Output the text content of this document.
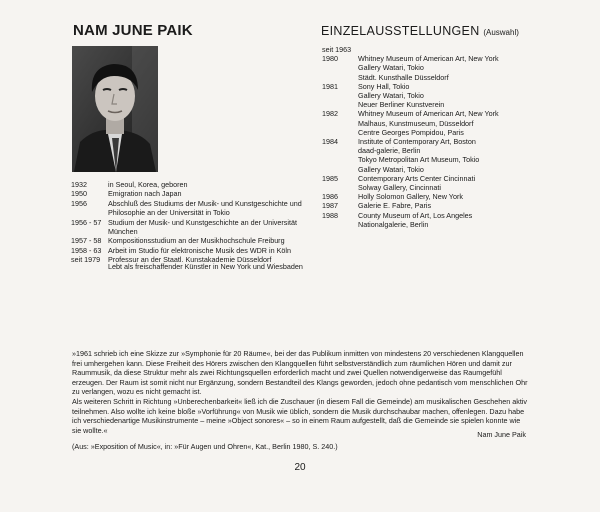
NAM JUNE PAIK	EINZELAUSSTELLUNGEN (Auswahl)
1932	in Seoul, Korea, geboren
1950	Emigration nach Japan
1956	Abschluß des Studiums der Musik- und Kunstgeschichte und Philosophie an der Universität in Tokio
1956 - 57 Studium der Musik- und Kunstgeschichte an der Universität München
1957 - 58 Kompositionsstudium an der Musikhochschule Freiburg
1958 - 63 Arbeit im Studio für elektronische Musik des WDR in Köln
seit 1979	Professur an der Staatl. Kunstakademie Düsseldorf
Lebt als freischaffender Künstler in New York und Wiesbaden
seit 1963
1980	Whitney Museum of American Art, New York
Gallery Watari, Tokio
Städt. Kunsthalle Düsseldorf
1981	Sony Hall, Tokio
Gallery Watari, Tokio
Neuer Berliner Kunstverein
1982	Whitney Museum of American Art, New York
Malhaus, Kunstmuseum, Düsseldorf
Centre Georges Pompidou, Paris
1984	Institute of Contemporary Art, Boston
daad-galerie, Berlin
Tokyo Metropolitan Art Museum, Tokio
Gallery Watari, Tokio
1985	Contemporary Arts Center Cincinnati
Solway Gallery, Cincinnati
1986	Holly Solomon Gallery, New York
1987	Galerie E. Fabre, Paris
1988	County Museum of Art, Los Angeles
Nationalgalerie, Berlin
»1961 schrieb ich eine Skizze zur »Symphonie für 20 Räume«, bei der das Publikum inmitten von mindestens 20 verschiedenen Klangquellen frei umhergehen kann. Diese Freiheit des Hörers zwischen den Klangquellen führt selbstverständlich zum räumlichen Hören und damit zur Raummusik, da diese Struktur mehr als zwei Richtungsquellen erforderlich macht und zwei Quellen notwendigerweise das Raumgefühl erzeugen. Der Raum ist somit nicht nur Ergänzung, sondern Bestandteil des Klangs geworden, jedoch ohne pedantisch vom menschlichen Ohr zu verlangen, wozu es nicht gemacht ist.
Als weiteren Schritt in Richtung »Unberechenbarkeit« ließ ich die Zuschauer (in diesem Fall die Gemeinde) am musikalischen Geschehen aktiv teilnehmen. Also wollte ich keine bloße »Vorführung« von Musik wie üblich, sondern die Musik durchschaubar machen, offenlegen. Dazu habe ich verschiedenartige Musikinstrumente – meine »Object sonores« – so in einem Raum aufgestellt, daß die Gemeinde sie spielen konnte wie sie wollte.«	Nam June Paik
(Aus: »Exposition of Music«, in: »Für Augen und Ohren«, Kat., Berlin 1980, S. 240.)
20
